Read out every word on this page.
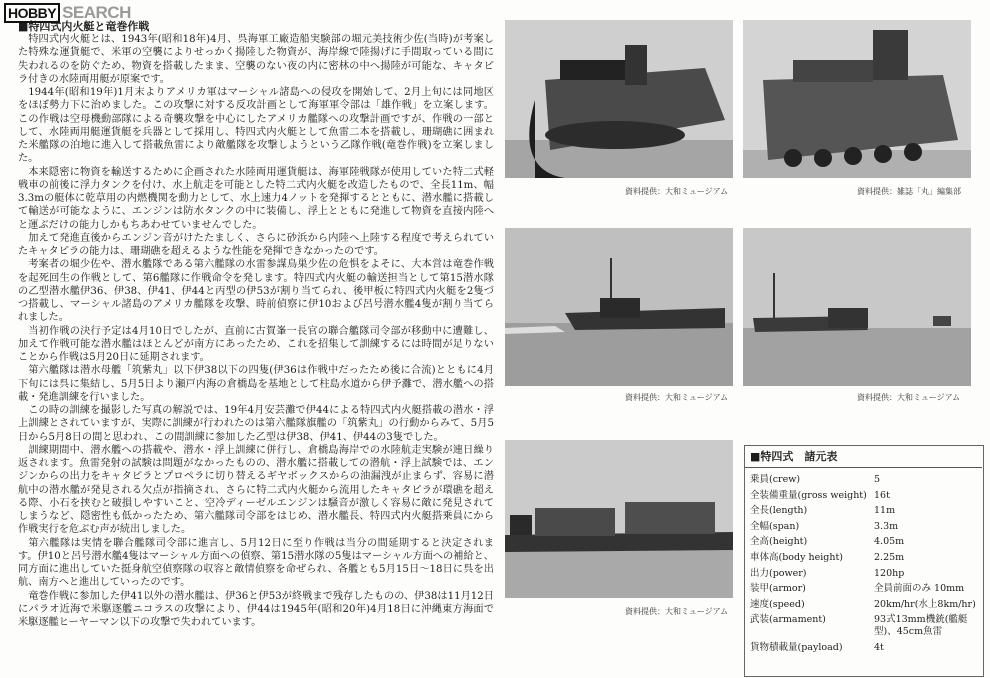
HOBBY SEARCH
■特四式内火艇と竜巻作戦

特四式内火艇とは、1943年(昭和18年)4月、呉海軍工廠造船実験部の堀元美技術少佐(当時)が考案した特殊な運貨艇で、米軍の空襲によりせっかく揚陸した物資が、海岸線で陸揚げに手間取っている間に失われるのを防ぐため、物資を搭載したまま、空襲のない夜の内に密林の中へ揚陸が可能な、キャタピラ付きの水陸両用艇が原案です。

1944年(昭和19年)1月末よりアメリカ軍はマーシャル諸島への侵攻を開始して、2月上旬には同地区をほぼ勢力下に治めました。この攻撃に対する反攻計画として海軍軍令部は「雄作戦」を立案します。この作戦は空母機動部隊による奇襲攻撃を中心にしたアメリカ艦隊への攻撃計画ですが、作戦の一部として、水陸両用艇運貨艇を兵器として採用し、特四式内火艇として魚雷二本を搭載し、珊瑚礁に囲まれた米艦隊の泊地に進入して搭載魚雷により敵艦隊を攻撃しようという乙隊作戦(竜巻作戦)を立案しました。

本来隠密に物資を輸送するために企画された水陸両用運貨艇は、海軍陸戦隊が使用していた特二式軽戦車の前後に浮力タンクを付け、水上航走を可能とした特二式内火艇を改造したもので、全長11m、幅3.3mの艇体に乾草用の内燃機関を動力として、水上速力4ノットを発揮するとともに、潜水艦に搭載して輸送が可能なように、エンジンは防水タンクの中に装備し、浮上とともに発進して物資を直接内陸へと運ぶだけの能力しかもちあわせていませんでした。

加えて発進直後からエンジン音がけたたましく、さらに砂浜から内陸へ上陸する程度で考えられていたキャタピラの能力は、珊瑚礁を超えるような性能を発揮できなかったのです。

考案者の堀少佐や、潜水艦隊である第六艦隊の水雷参謀鳥巣少佐の危惧をよそに、大本営は竜巻作戦を起死回生の作戦として、第6艦隊に作戦命令を発します。特四式内火艇の輸送担当として第15潜水隊の乙型潜水艦伊36、伊38、伊41、伊44と丙型の伊53が割り当てられ、後甲板に特四式内火艇を2隻づつ搭載し、マーシャル諸島のアメリカ艦隊を攻撃、時前偵察に伊10および呂号潜水艦4隻が割り当てられました。

当初作戦の決行予定は4月10日でしたが、直前に古賀峯一長官の聯合艦隊司令部が移動中に遭難し、加えて作戦可能な潜水艦はほとんどが南方にあったため、これを招集して訓練するには時間が足りないことから作戦は5月20日に延期されます。

第六艦隊は潜水母艦「筑紫丸」以下伊38以下の四隻(伊36は作戦中だったため後に合流)とともに4月下旬には呉に集結し、5月5日より瀬戸内海の倉橋島を基地として柱島水道から伊予灘で、潜水艦への搭載・発進訓練を行いました。

この時の訓練を撮影した写真の解説では、19年4月安芸灘で伊44による特四式内火艇搭載の潜水・浮上訓練とされていますが、実際に訓練が行われたのは第六艦隊旗艦の「筑紫丸」の行動からみて、5月5日から5月8日の間と思われ、この間訓練に参加した乙型は伊38、伊41、伊44の3隻でした。

訓練期間中、潜水艦への搭載や、潜水・浮上訓練に併行し、倉橋島海岸での水陸航走実験が連日繰り返されます。魚雷発射の試験は問題がなかったものの、潜水艦に搭載しての潜航・浮上試験では、エンジンからの出力をキャタピラとプロペラに切り替えるギヤボックスからの油漏洩が止まらず、容易に潜航中の潜水艦が発見される欠点が指摘され、さらに特二式内火艇から流用したキャタピラが環礁を超える際、小石を挟むと破損しやすいこと、空冷ディーゼルエンジンは騒音が激しく容易に敵に発見されてしまうなど、隠密性も低かったため、第六艦隊司令部をはじめ、潜水艦長、特四式内火艇搭乗員にから作戦実行を危ぶむ声が続出しました。

第六艦隊は実情を聯合艦隊司令部に進言し、5月12日に至り作戦は当分の間延期すると決定されます。伊10と呂号潜水艦4隻はマーシャル方面への偵察、第15潜水隊の5隻はマーシャル方面への補給と、同方面に進出していた挺身航空偵察隊の収容と敵情偵察を命ぜられ、各艦とも5月15日～18日に呉を出航、南方へと進出していったのです。

竜巻作戦に参加した伊41以外の潜水艦は、伊36と伊53が終戦まで残存したものの、伊38は11月12日にパラオ近海で米駆逐艦ニコラスの攻撃により、伊44は1945年(昭和20年)4月18日に沖縄東方海面で米駆逐艦ヒーヤーマン以下の攻撃で失われています。

資料提供：大和ミュージアム	資料提供：雑誌「丸」編集部
資料提供：大和ミュージアム	資料提供：大和ミュージアム
資料提供：大和ミュージアム
■特四式　諸元表
乗員(crew)	5
全装備重量(gross weight)	16t
全長(length)	11m
全幅(span)	3.3m
全高(height)	4.05m
車体高(body height)	2.25m
出力(power)	120hp
装甲(armor)	全員前面のみ 10mm
速度(speed)	20km/hr(水上8km/hr)
武装(armament)	93式13mm機銃(艦艇型)、45cm魚雷
貨物積載量(payload)	4t
